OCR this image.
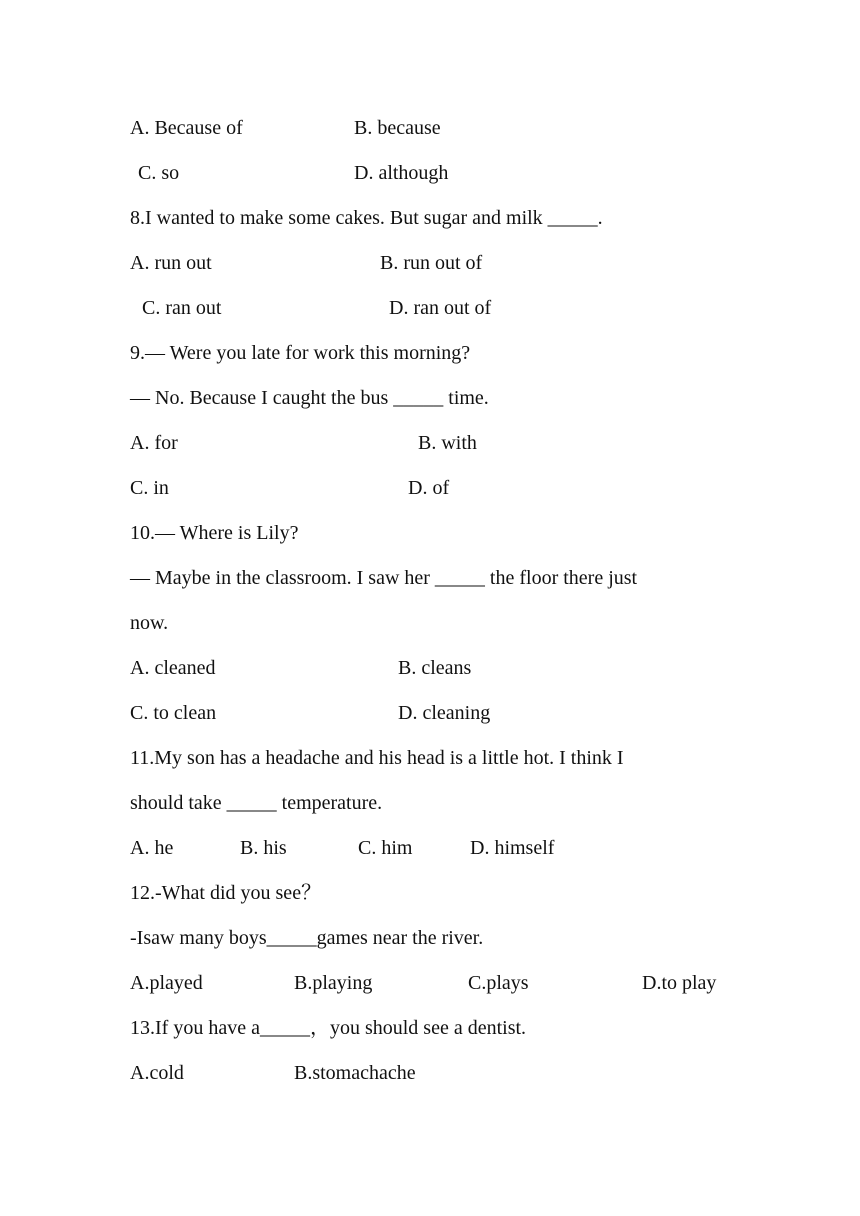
A. Because of	B. because
C. so	D. although
8.I wanted to make some cakes. But sugar and milk _____.
A. run out	B. run out of
C. ran out	D. ran out of
9.— Were you late for work this morning?
— No. Because I caught the bus _____ time.
A. for	B. with
C. in	D. of
10.— Where is Lily?
— Maybe in the classroom. I saw her _____ the floor there just
now.
A. cleaned	B. cleans
C. to clean	D. cleaning
11.My son has a headache and his head is a little hot. I think I
should take _____ temperature.
A. he	B. his	C. him	D. himself
12.-What did you see？
-Isaw many boys_____games near the river.
A.played	B.playing	C.plays	D.to play
13.If you have a_____，you should see a dentist.
A.cold	B.stomachache
